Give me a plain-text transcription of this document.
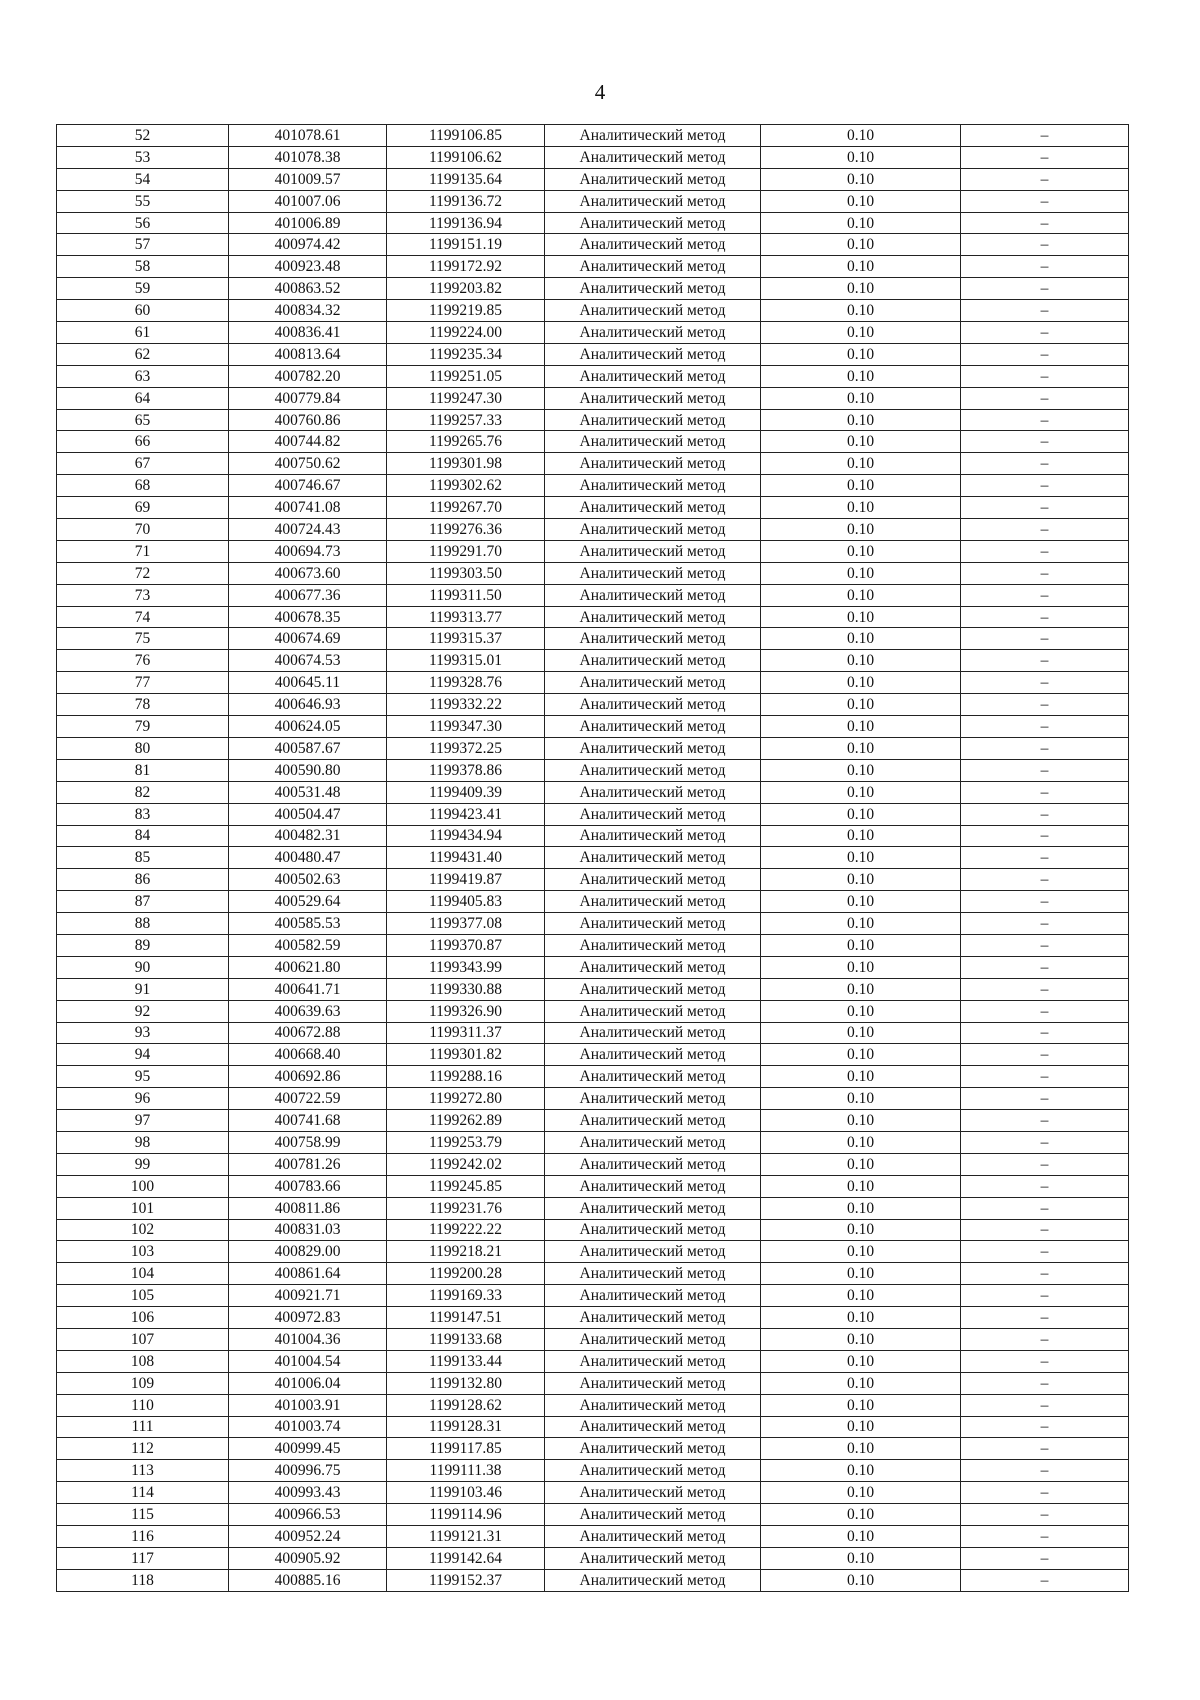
4
52	401078.61	1199106.85	Аналитический метод	0.10	–
53	401078.38	1199106.62	Аналитический метод	0.10	–
54	401009.57	1199135.64	Аналитический метод	0.10	–
55	401007.06	1199136.72	Аналитический метод	0.10	–
56	401006.89	1199136.94	Аналитический метод	0.10	–
57	400974.42	1199151.19	Аналитический метод	0.10	–
58	400923.48	1199172.92	Аналитический метод	0.10	–
59	400863.52	1199203.82	Аналитический метод	0.10	–
60	400834.32	1199219.85	Аналитический метод	0.10	–
61	400836.41	1199224.00	Аналитический метод	0.10	–
62	400813.64	1199235.34	Аналитический метод	0.10	–
63	400782.20	1199251.05	Аналитический метод	0.10	–
64	400779.84	1199247.30	Аналитический метод	0.10	–
65	400760.86	1199257.33	Аналитический метод	0.10	–
66	400744.82	1199265.76	Аналитический метод	0.10	–
67	400750.62	1199301.98	Аналитический метод	0.10	–
68	400746.67	1199302.62	Аналитический метод	0.10	–
69	400741.08	1199267.70	Аналитический метод	0.10	–
70	400724.43	1199276.36	Аналитический метод	0.10	–
71	400694.73	1199291.70	Аналитический метод	0.10	–
72	400673.60	1199303.50	Аналитический метод	0.10	–
73	400677.36	1199311.50	Аналитический метод	0.10	–
74	400678.35	1199313.77	Аналитический метод	0.10	–
75	400674.69	1199315.37	Аналитический метод	0.10	–
76	400674.53	1199315.01	Аналитический метод	0.10	–
77	400645.11	1199328.76	Аналитический метод	0.10	–
78	400646.93	1199332.22	Аналитический метод	0.10	–
79	400624.05	1199347.30	Аналитический метод	0.10	–
80	400587.67	1199372.25	Аналитический метод	0.10	–
81	400590.80	1199378.86	Аналитический метод	0.10	–
82	400531.48	1199409.39	Аналитический метод	0.10	–
83	400504.47	1199423.41	Аналитический метод	0.10	–
84	400482.31	1199434.94	Аналитический метод	0.10	–
85	400480.47	1199431.40	Аналитический метод	0.10	–
86	400502.63	1199419.87	Аналитический метод	0.10	–
87	400529.64	1199405.83	Аналитический метод	0.10	–
88	400585.53	1199377.08	Аналитический метод	0.10	–
89	400582.59	1199370.87	Аналитический метод	0.10	–
90	400621.80	1199343.99	Аналитический метод	0.10	–
91	400641.71	1199330.88	Аналитический метод	0.10	–
92	400639.63	1199326.90	Аналитический метод	0.10	–
93	400672.88	1199311.37	Аналитический метод	0.10	–
94	400668.40	1199301.82	Аналитический метод	0.10	–
95	400692.86	1199288.16	Аналитический метод	0.10	–
96	400722.59	1199272.80	Аналитический метод	0.10	–
97	400741.68	1199262.89	Аналитический метод	0.10	–
98	400758.99	1199253.79	Аналитический метод	0.10	–
99	400781.26	1199242.02	Аналитический метод	0.10	–
100	400783.66	1199245.85	Аналитический метод	0.10	–
101	400811.86	1199231.76	Аналитический метод	0.10	–
102	400831.03	1199222.22	Аналитический метод	0.10	–
103	400829.00	1199218.21	Аналитический метод	0.10	–
104	400861.64	1199200.28	Аналитический метод	0.10	–
105	400921.71	1199169.33	Аналитический метод	0.10	–
106	400972.83	1199147.51	Аналитический метод	0.10	–
107	401004.36	1199133.68	Аналитический метод	0.10	–
108	401004.54	1199133.44	Аналитический метод	0.10	–
109	401006.04	1199132.80	Аналитический метод	0.10	–
110	401003.91	1199128.62	Аналитический метод	0.10	–
111	401003.74	1199128.31	Аналитический метод	0.10	–
112	400999.45	1199117.85	Аналитический метод	0.10	–
113	400996.75	1199111.38	Аналитический метод	0.10	–
114	400993.43	1199103.46	Аналитический метод	0.10	–
115	400966.53	1199114.96	Аналитический метод	0.10	–
116	400952.24	1199121.31	Аналитический метод	0.10	–
117	400905.92	1199142.64	Аналитический метод	0.10	–
118	400885.16	1199152.37	Аналитический метод	0.10	–
